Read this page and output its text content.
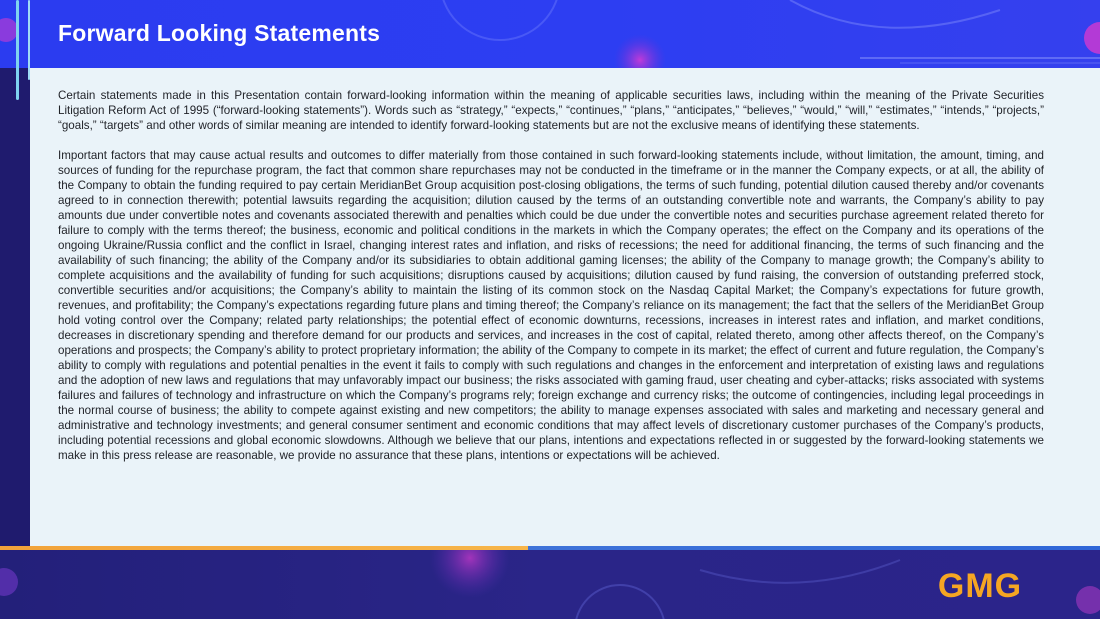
Forward Looking Statements

Certain statements made in this Presentation contain forward-looking information within the meaning of applicable securities laws, including within the meaning of the Private Securities Litigation Reform Act of 1995 (“forward-looking statements”). Words such as “strategy,” “expects,” “continues,” “plans,” “anticipates,” “believes,” “would,” “will,” “estimates,” “intends,” “projects,” “goals,” “targets” and other words of similar meaning are intended to identify forward-looking statements but are not the exclusive means of identifying these statements.

Important factors that may cause actual results and outcomes to differ materially from those contained in such forward-looking statements include, without limitation, the amount, timing, and sources of funding for the repurchase program, the fact that common share repurchases may not be conducted in the timeframe or in the manner the Company expects, or at all, the ability of the Company to obtain the funding required to pay certain MeridianBet Group acquisition post-closing obligations, the terms of such funding, potential dilution caused thereby and/or covenants agreed to in connection therewith; potential lawsuits regarding the acquisition; dilution caused by the terms of an outstanding convertible note and warrants, the Company’s ability to pay amounts due under convertible notes and covenants associated therewith and penalties which could be due under the convertible notes and securities purchase agreement related thereto for failure to comply with the terms thereof; the business, economic and political conditions in the markets in which the Company operates; the effect on the Company and its operations of the ongoing Ukraine/Russia conflict and the conflict in Israel, changing interest rates and inflation, and risks of recessions; the need for additional financing, the terms of such financing and the availability of such financing; the ability of the Company and/or its subsidiaries to obtain additional gaming licenses; the ability of the Company to manage growth; the Company’s ability to complete acquisitions and the availability of funding for such acquisitions; disruptions caused by acquisitions; dilution caused by fund raising, the conversion of outstanding preferred stock, convertible securities and/or acquisitions; the Company’s ability to maintain the listing of its common stock on the Nasdaq Capital Market; the Company’s expectations for future growth, revenues, and profitability; the Company’s expectations regarding future plans and timing thereof; the Company’s reliance on its management; the fact that the sellers of the MeridianBet Group hold voting control over the Company; related party relationships; the potential effect of economic downturns, recessions, increases in interest rates and inflation, and market conditions, decreases in discretionary spending and therefore demand for our products and services, and increases in the cost of capital, related thereto, among other affects thereof, on the Company’s operations and prospects; the Company’s ability to protect proprietary information; the ability of the Company to compete in its market; the effect of current and future regulation, the Company’s ability to comply with regulations and potential penalties in the event it fails to comply with such regulations and changes in the enforcement and interpretation of existing laws and regulations and the adoption of new laws and regulations that may unfavorably impact our business; the risks associated with gaming fraud, user cheating and cyber-attacks; risks associated with systems failures and failures of technology and infrastructure on which the Company’s programs rely; foreign exchange and currency risks; the outcome of contingencies, including legal proceedings in the normal course of business; the ability to compete against existing and new competitors; the ability to manage expenses associated with sales and marketing and necessary general and administrative and technology investments; and general consumer sentiment and economic conditions that may affect levels of discretionary customer purchases of the Company’s products, including potential recessions and global economic slowdowns. Although we believe that our plans, intentions and expectations reflected in or suggested by the forward-looking statements we make in this press release are reasonable, we provide no assurance that these plans, intentions or expectations will be achieved.

GMG
